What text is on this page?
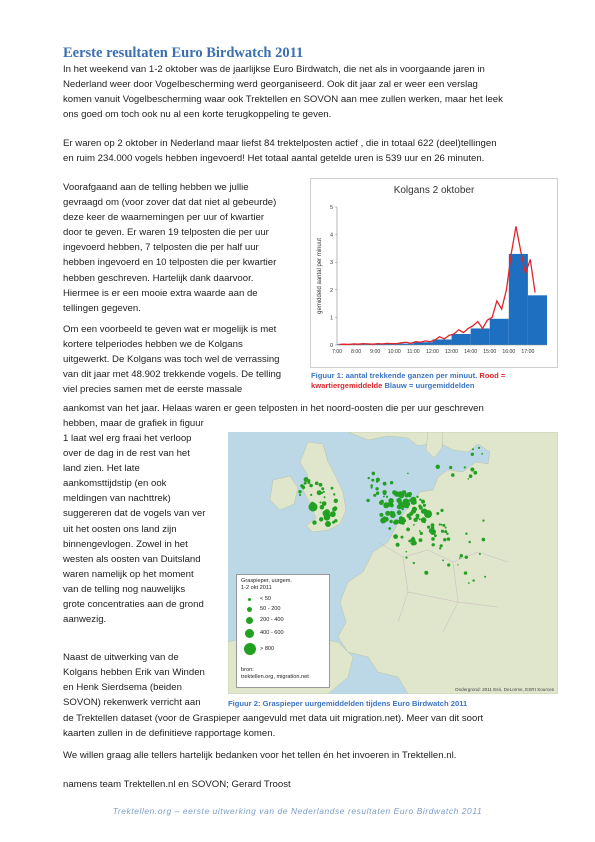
Eerste resultaten Euro Birdwatch 2011
In het weekend van 1-2 oktober was de jaarlijkse Euro Birdwatch, die net als in voorgaande jaren in
Nederland weer door Vogelbescherming werd georganiseerd. Ook dit jaar zal er weer een verslag
komen vanuit Vogelbescherming waar ook Trektellen en SOVON aan mee zullen werken, maar het leek
ons goed om toch ook nu al een korte terugkoppeling te geven.
Er waren op 2 oktober in Nederland maar liefst 84 trektelposten actief , die in totaal 622 (deel)tellingen
en ruim 234.000 vogels hebben ingevoerd! Het totaal aantal getelde uren is 539 uur en 26 minuten.
Voorafgaand aan de telling hebben we jullie
gevraagd om (voor zover dat dat niet al gebeurde)
deze keer de waarnemingen per uur of kwartier
door te geven. Er waren 19 telposten die per uur
ingevoerd hebben, 7 telposten die per half uur
hebben ingevoerd en 10 telposten die per kwartier
hebben geschreven. Hartelijk dank daarvoor.
Hiermee is er een mooie extra waarde aan de
tellingen gegeven.
Om een voorbeeld te geven wat er mogelijk is met
kortere telperiodes hebben we de Kolgans
uitgewerkt. De Kolgans was toch wel de verrassing
van dit jaar met 48.902 trekkende vogels. De telling
viel precies samen met de eerste massale
aankomst van het jaar. Helaas waren er geen telposten in het noord-oosten die per uur geschreven
hebben, maar de grafiek in figuur
1 laat wel erg fraai het verloop
over de dag in de rest van het
land zien. Het late
aankomsttijdstip (en ook
meldingen van nachttrek)
suggereren dat de vogels van ver
uit het oosten ons land zijn
binnengevlogen. Zowel in het
westen als oosten van Duitsland
waren namelijk op het moment
van de telling nog nauwelijks
grote concentraties aan de grond
aanwezig.
Naast de uitwerking van de
Kolgans hebben Erik van Winden
en Henk Sierdsema (beiden
SOVON) rekenwerk verricht aan
de Trektellen dataset (voor de Graspieper aangevuld met data uit migration.net). Meer van dit soort
kaarten zullen in de definitieve rapportage komen.
We willen graag alle tellers hartelijk bedanken voor het tellen én het invoeren in Trektellen.nl.
namens team Trektellen.nl en SOVON; Gerard Troost
Kolgans 2 oktober
gemiddeld aantal per minuut
0
1
2
3
4
5
7:00 8:00 9:00 10:00 11:00 12:00 13:00 14:00 15:00 16:00 17:00
Figuur 1: aantal trekkende ganzen per minuut. Rood =
kwartiergemiddelde Blauw = uurgemiddelden
Graspieper, uurgem.
1-2 okt 2011
< 50
50 - 200
200 - 400
400 - 600
> 800
bron:
trektellen.org, migration.net
Ondergrond: 2011 Esri, DeLorme, ESRI Sources
Figuur 2: Graspieper uurgemiddelden tijdens Euro Birdwatch 2011
Trektellen.org – eerste uitwerking van de Nederlandse resultaten Euro Birdwatch 2011
